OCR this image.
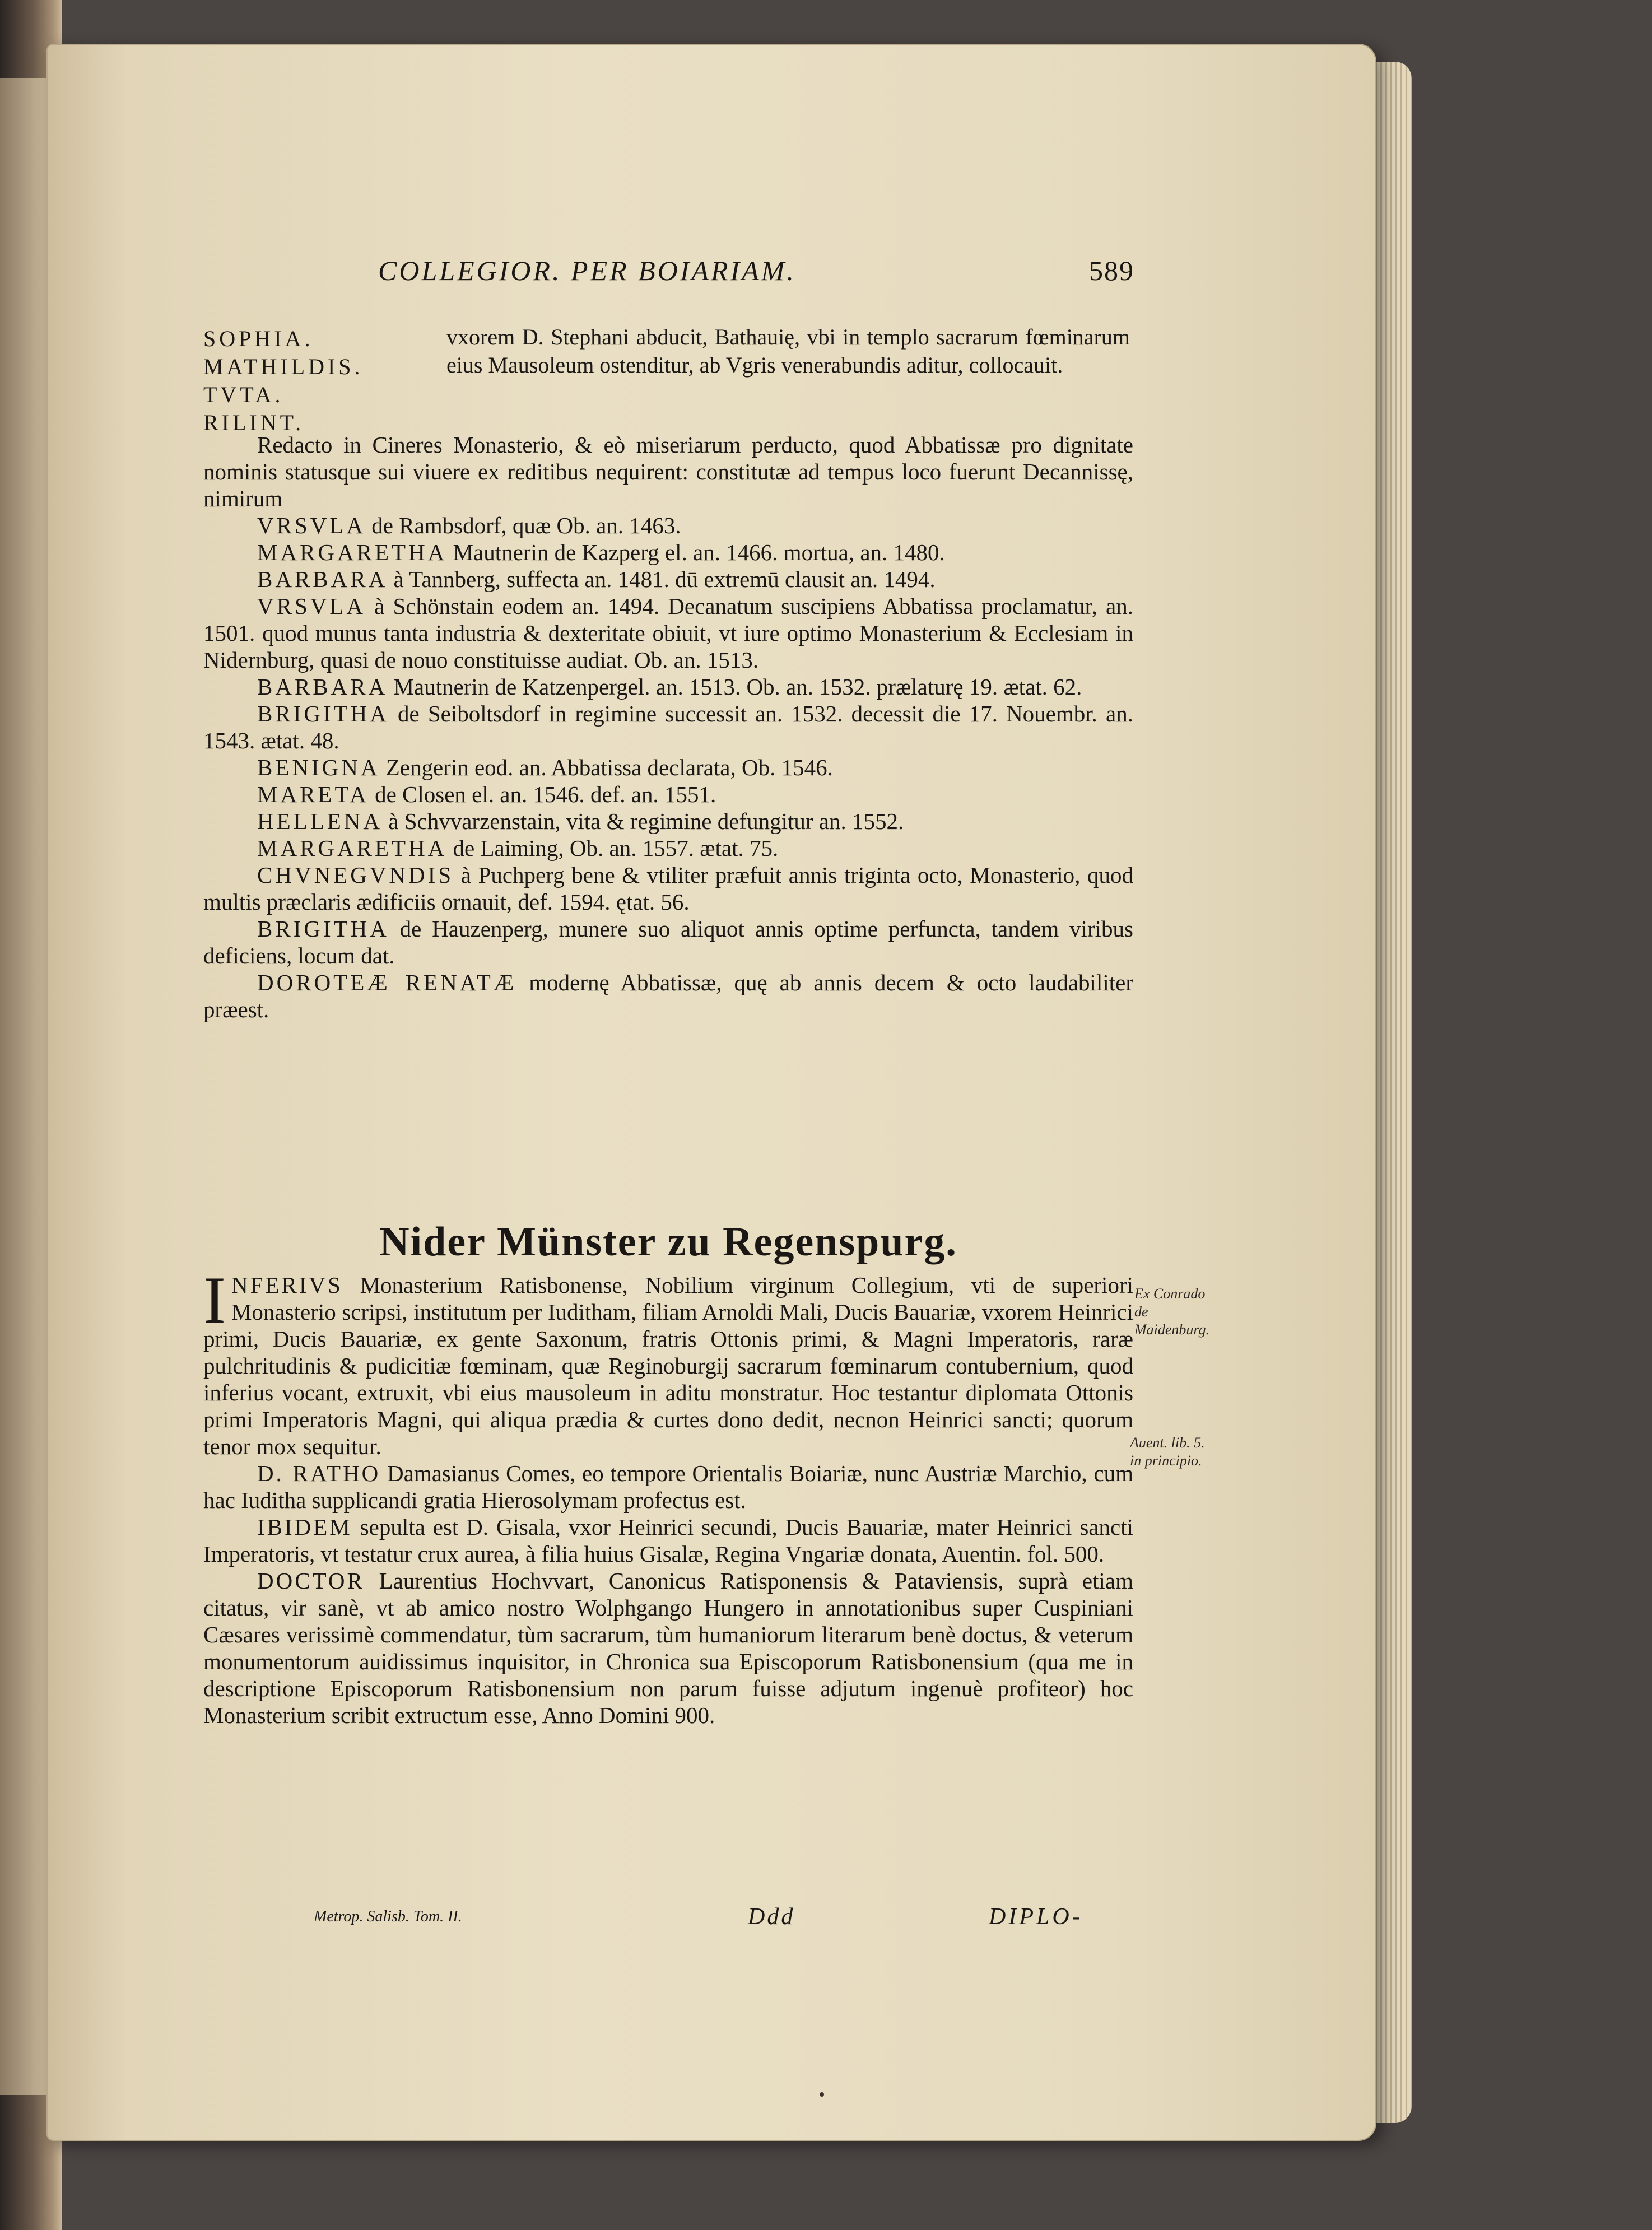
COLLEGIOR. PER BOIARIAM.	589
SOPHIA.
MATHILDIS.
TVTA.
RILINT.
vxorem D. Stephani abducit, Bathauię, vbi in templo sacrarum fœminarum eius Mausoleum ostenditur, ab Vgris venerabundis aditur, collocauit.

Redacto in Cineres Monasterio, & eò miseriarum perducto, quod Abbatissæ pro dignitate nominis statusque sui viuere ex reditibus nequirent: constitutæ ad tempus loco fuerunt Decannissę, nimirum

VRSVLA de Rambsdorf, quæ Ob. an. 1463.

MARGARETHA Mautnerin de Kazperg el. an. 1466. mortua, an. 1480.

BARBARA à Tannberg, suffecta an. 1481. dū extremū clausit an. 1494.

VRSVLA à Schönstain eodem an. 1494. Decanatum suscipiens Abbatissa proclamatur, an. 1501. quod munus tanta industria & dexteritate obiuit, vt iure optimo Monasterium & Ecclesiam in Nidernburg, quasi de nouo constituisse audiat. Ob. an. 1513.

BARBARA Mautnerin de Katzenpergel. an. 1513. Ob. an. 1532. prælaturę 19. ætat. 62.

BRIGITHA de Seiboltsdorf in regimine successit an. 1532. decessit die 17. Nouembr. an. 1543. ætat. 48.

BENIGNA Zengerin eod. an. Abbatissa declarata, Ob. 1546.

MARETA de Closen el. an. 1546. def. an. 1551.

HELLENA à Schvvarzenstain, vita & regimine defungitur an. 1552.

MARGARETHA de Laiming, Ob. an. 1557. ætat. 75.

CHVNEGVNDIS à Puchperg bene & vtiliter præfuit annis triginta octo, Monasterio, quod multis præclaris ædificiis ornauit, def. 1594. ętat. 56.

BRIGITHA de Hauzenperg, munere suo aliquot annis optime perfuncta, tandem viribus deficiens, locum dat.

DOROTEÆ RENATÆ modernę Abbatissæ, quę ab annis decem & octo laudabiliter præest.

Nider Münster zu Regenspurg.

INFERIVS Monasterium Ratisbonense, Nobilium virginum Collegium, vti de superiori Monasterio scripsi, institutum per Iuditham, filiam Arnoldi Mali, Ducis Bauariæ, vxorem Heinrici primi, Ducis Bauariæ, ex gente Saxonum, fratris Ottonis primi, & Magni Imperatoris, raræ pulchritudinis & pudicitiæ fœminam, quæ Reginoburgij sacrarum fœminarum contubernium, quod inferius vocant, extruxit, vbi eius mausoleum in aditu monstratur. Hoc testantur diplomata Ottonis primi Imperatoris Magni, qui aliqua prædia & curtes dono dedit, necnon Heinrici sancti; quorum tenor mox sequitur.

D. RATHO Damasianus Comes, eo tempore Orientalis Boiariæ, nunc Austriæ Marchio, cum hac Iuditha supplicandi gratia Hierosolymam profectus est.

IBIDEM sepulta est D. Gisala, vxor Heinrici secundi, Ducis Bauariæ, mater Heinrici sancti Imperatoris, vt testatur crux aurea, à filia huius Gisalæ, Regina Vngariæ donata, Auentin. fol. 500.

DOCTOR Laurentius Hochvvart, Canonicus Ratisponensis & Pataviensis, suprà etiam citatus, vir sanè, vt ab amico nostro Wolphgango Hungero in annotationibus super Cuspiniani Cæsares verissimè commendatur, tùm sacrarum, tùm humaniorum literarum benè doctus, & veterum monumentorum auidissimus inquisitor, in Chronica sua Episcoporum Ratisbonensium (qua me in descriptione Episcoporum Ratisbonensium non parum fuisse adjutum ingenuè profiteor) hoc Monasterium scribit extructum esse, Anno Domini 900.

Ex Conrado de Maidenburg.
Auent. lib. 5. in principio.
Metrop. Salisb. Tom. II.	Ddd	DIPLO-
